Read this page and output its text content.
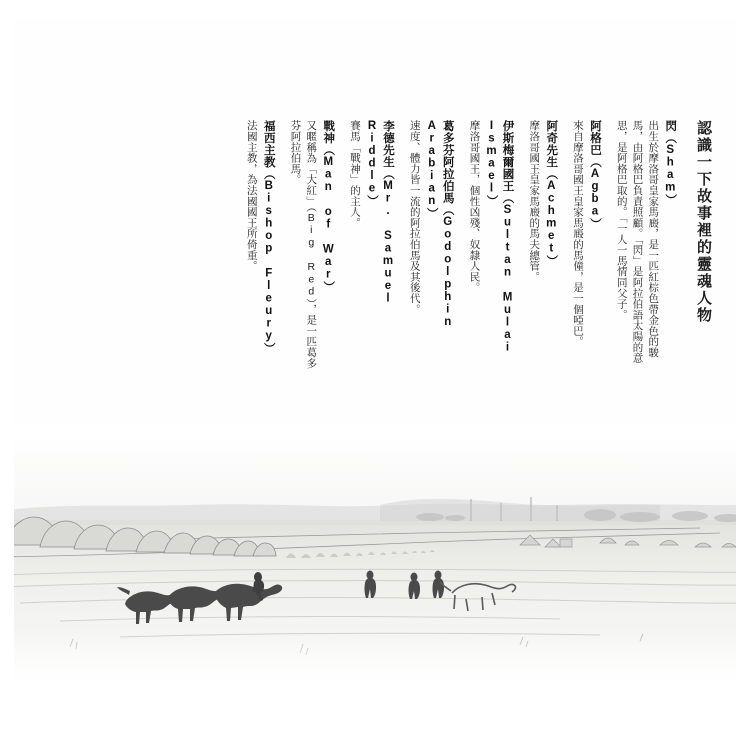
認識一下故事裡的靈魂人物
閃（Sham）
出生於摩洛哥皇家馬廄，是一匹紅棕色帶金色的駿馬，由阿格巴負責照顧。「閃」是阿拉伯語太陽的意思，是阿格巴取的。「一人一馬情同父子。
阿格巴（Agba）
來自摩洛哥國王皇家馬廄的馬僮，是一個啞巴。
阿奇先生（Achmet）
摩洛哥國王皇家馬廄的馬夫總管。
伊斯梅爾國王（Sultan Mulai Ismael）
摩洛哥國王，個性凶殘、奴隸人民。
葛多芬阿拉伯馬（Godolphin Arabian）
速度、體力皆一流的阿拉伯馬及其後代。
李德先生（Mr. Samuel Riddle）
賽馬「戰神」的主人。
戰神（Man of War）
又暱稱為「大紅」（Big Red），是一匹葛多芬阿拉伯馬。
福西主教（Bishop Fleury）
法國主教，為法國國王所倚重。
